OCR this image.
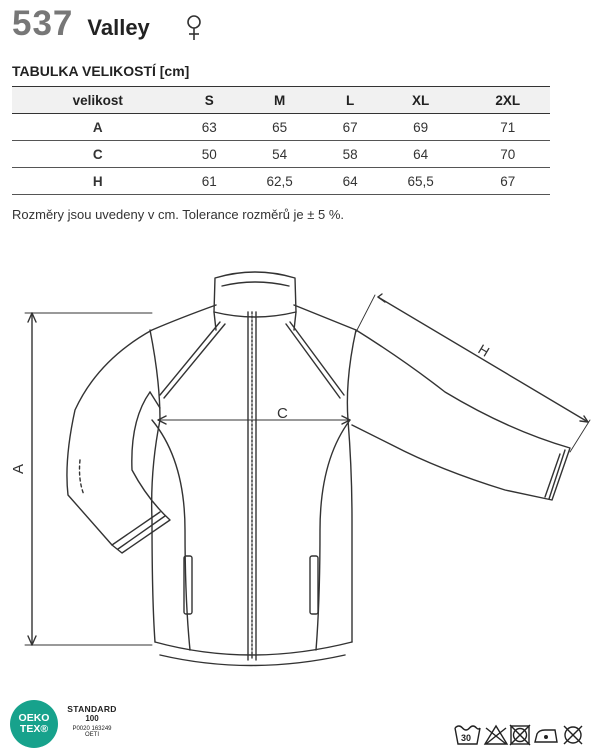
537 Valley
TABULKA VELIKOSTÍ [cm]
velikost	S	M	L	XL	2XL
A	63	65	67	69	71
C	50	54	58	64	70
H	61	62,5	64	65,5	67
Rozměry jsou uvedeny v cm. Tolerance rozměrů je ± 5 %.
A
C
H
OEKO
TEX®
STANDARD
100
P0020 163249
OETI	30
